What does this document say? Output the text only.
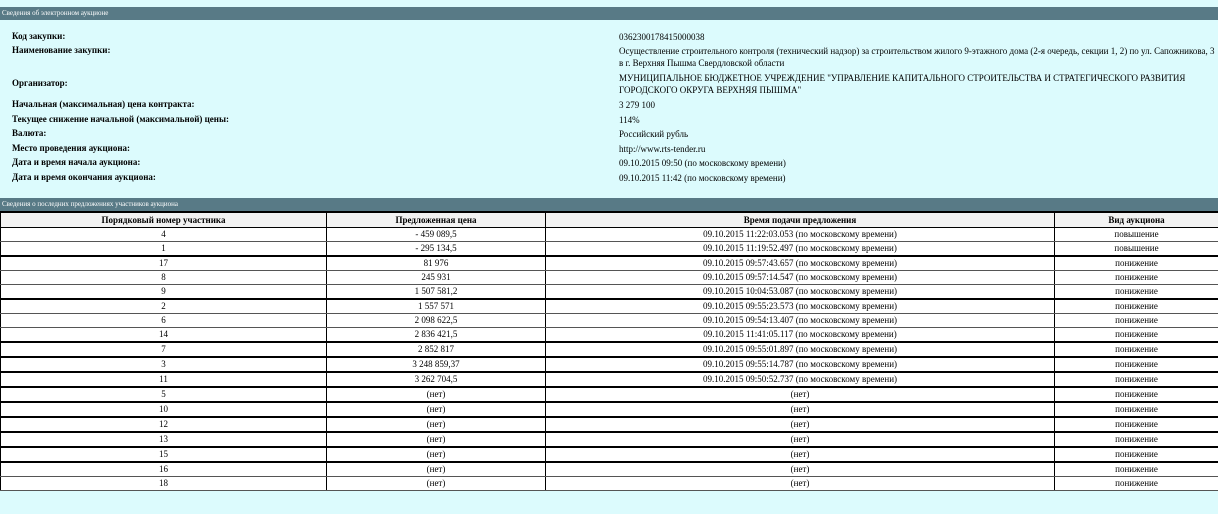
Сведения об электронном аукционе
Код закупки:	0362300178415000038
Наименование закупки:	Осуществление строительного контроля (технический надзор) за строительством жилого 9-этажного дома (2-я очередь, секции 1, 2) по ул. Сапожникова, 3 в г. Верхняя Пышма Свердловской области
Организатор:	МУНИЦИПАЛЬНОЕ БЮДЖЕТНОЕ УЧРЕЖДЕНИЕ "УПРАВЛЕНИЕ КАПИТАЛЬНОГО СТРОИТЕЛЬСТВА И СТРАТЕГИЧЕСКОГО РАЗВИТИЯ ГОРОДСКОГО ОКРУГА ВЕРХНЯЯ ПЫШМА"
Начальная (максимальная) цена контракта:	3 279 100
Текущее снижение начальной (максимальной) цены:	114%
Валюта:	Российский рубль
Место проведения аукциона:	http://www.rts-tender.ru
Дата и время начала аукциона:	09.10.2015 09:50 (по московскому времени)
Дата и время окончания аукциона:	09.10.2015 11:42 (по московскому времени)
Сведения о последних предложениях участников аукциона
Порядковый номер участника	Предложенная цена	Время подачи предложения	Вид аукциона
4	- 459 089,5	09.10.2015 11:22:03.053 (по московскому времени)	повышение
1	- 295 134,5	09.10.2015 11:19:52.497 (по московскому времени)	повышение
17	81 976	09.10.2015 09:57:43.657 (по московскому времени)	понижение
8	245 931	09.10.2015 09:57:14.547 (по московскому времени)	понижение
9	1 507 581,2	09.10.2015 10:04:53.087 (по московскому времени)	понижение
2	1 557 571	09.10.2015 09:55:23.573 (по московскому времени)	понижение
6	2 098 622,5	09.10.2015 09:54:13.407 (по московскому времени)	понижение
14	2 836 421,5	09.10.2015 11:41:05.117 (по московскому времени)	понижение
7	2 852 817	09.10.2015 09:55:01.897 (по московскому времени)	понижение
3	3 248 859,37	09.10.2015 09:55:14.787 (по московскому времени)	понижение
11	3 262 704,5	09.10.2015 09:50:52.737 (по московскому времени)	понижение
5	(нет)	(нет)	понижение
10	(нет)	(нет)	понижение
12	(нет)	(нет)	понижение
13	(нет)	(нет)	понижение
15	(нет)	(нет)	понижение
16	(нет)	(нет)	понижение
18	(нет)	(нет)	понижение
